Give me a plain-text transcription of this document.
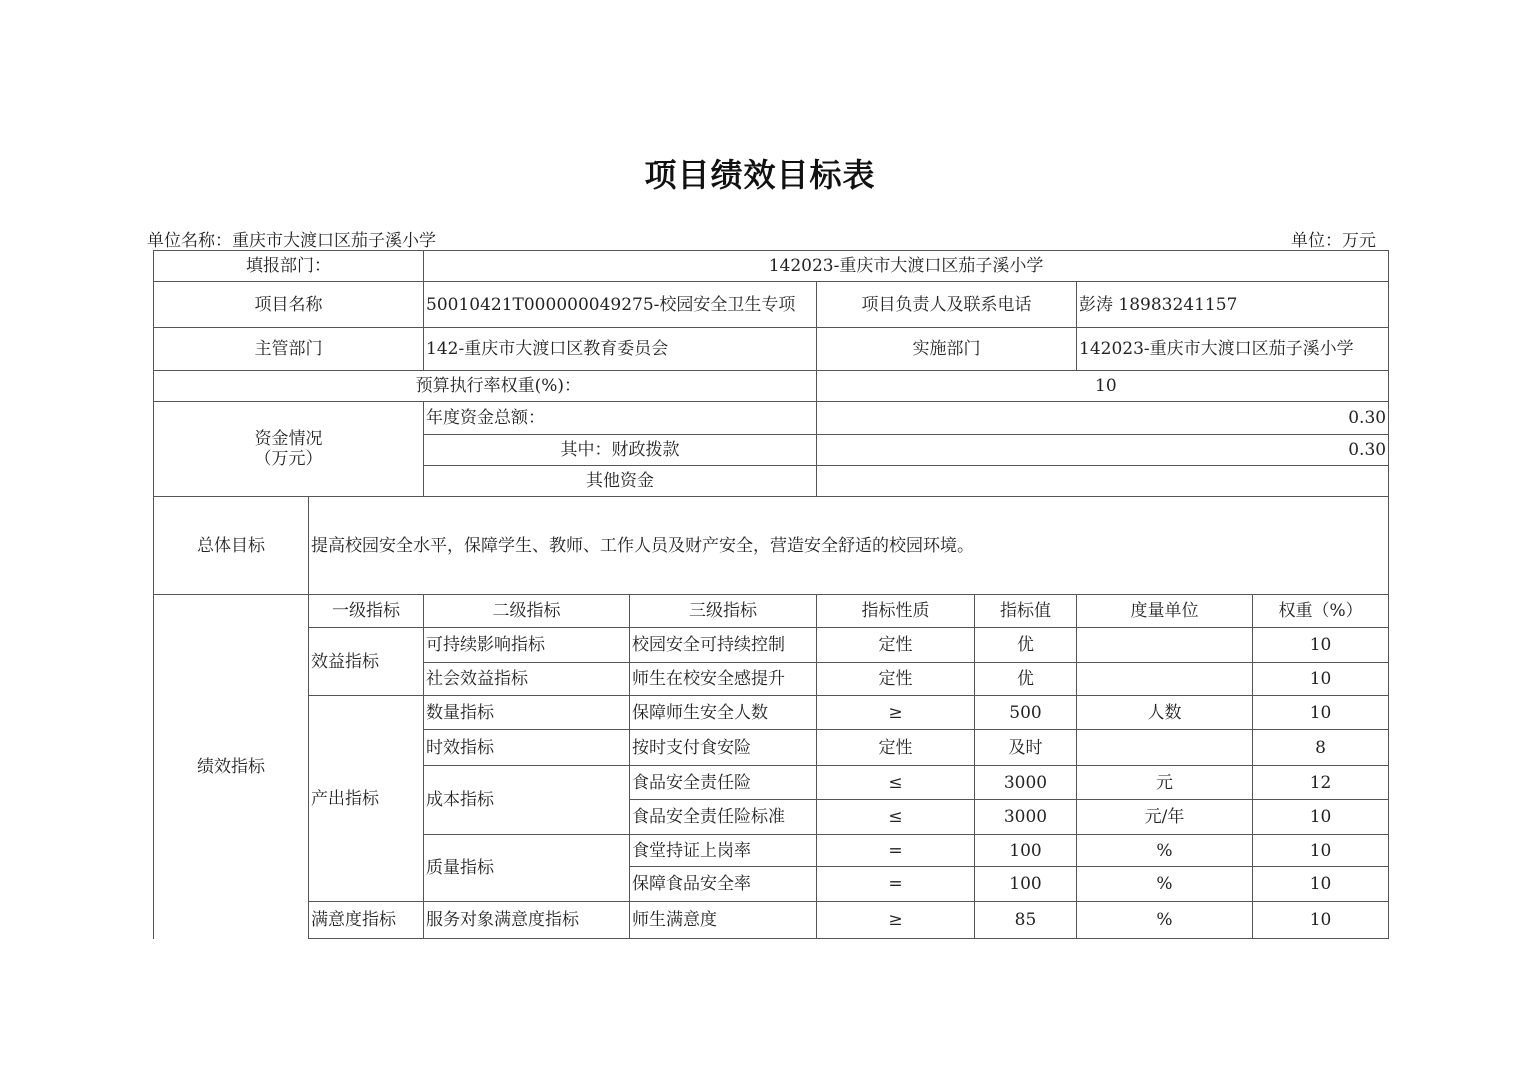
项目绩效目标表
单位名称：重庆市大渡口区茄子溪小学	单位：万元
填报部门：		142023-重庆市大渡口区茄子溪小学					
项目名称		50010421T000000049275-校园安全卫生专项		项目负责人及联系电话		彭涛 18983241157	
主管部门		142-重庆市大渡口区教育委员会		实施部门		142023-重庆市大渡口区茄子溪小学	
预算执行率权重(%)：				10			

资金情况
（万元）		年度资金总额：		0.30			
		其中：财政拨款		0.30			
		其他资金					
总体目标	提高校园安全水平，保障学生、教师、工作人员及财产安全，营造安全舒适的校园环境。						
绩效指标	一级指标	二级指标	三级指标	指标性质	指标值	度量单位	权重（%）
	效益指标	可持续影响指标	校园安全可持续控制	定性	优		10
		社会效益指标	师生在校安全感提升	定性	优		10
	产出指标	数量指标	保障师生安全人数	≥	500	人数	10
		时效指标	按时支付食安险	定性	及时		8
		成本指标	食品安全责任险	≤	3000	元	12
			食品安全责任险标准	≤	3000	元/年	10
		质量指标	食堂持证上岗率	=	100	%	10
			保障食品安全率	=	100	%	10
	满意度指标	服务对象满意度指标	师生满意度	≥	85	%	10
